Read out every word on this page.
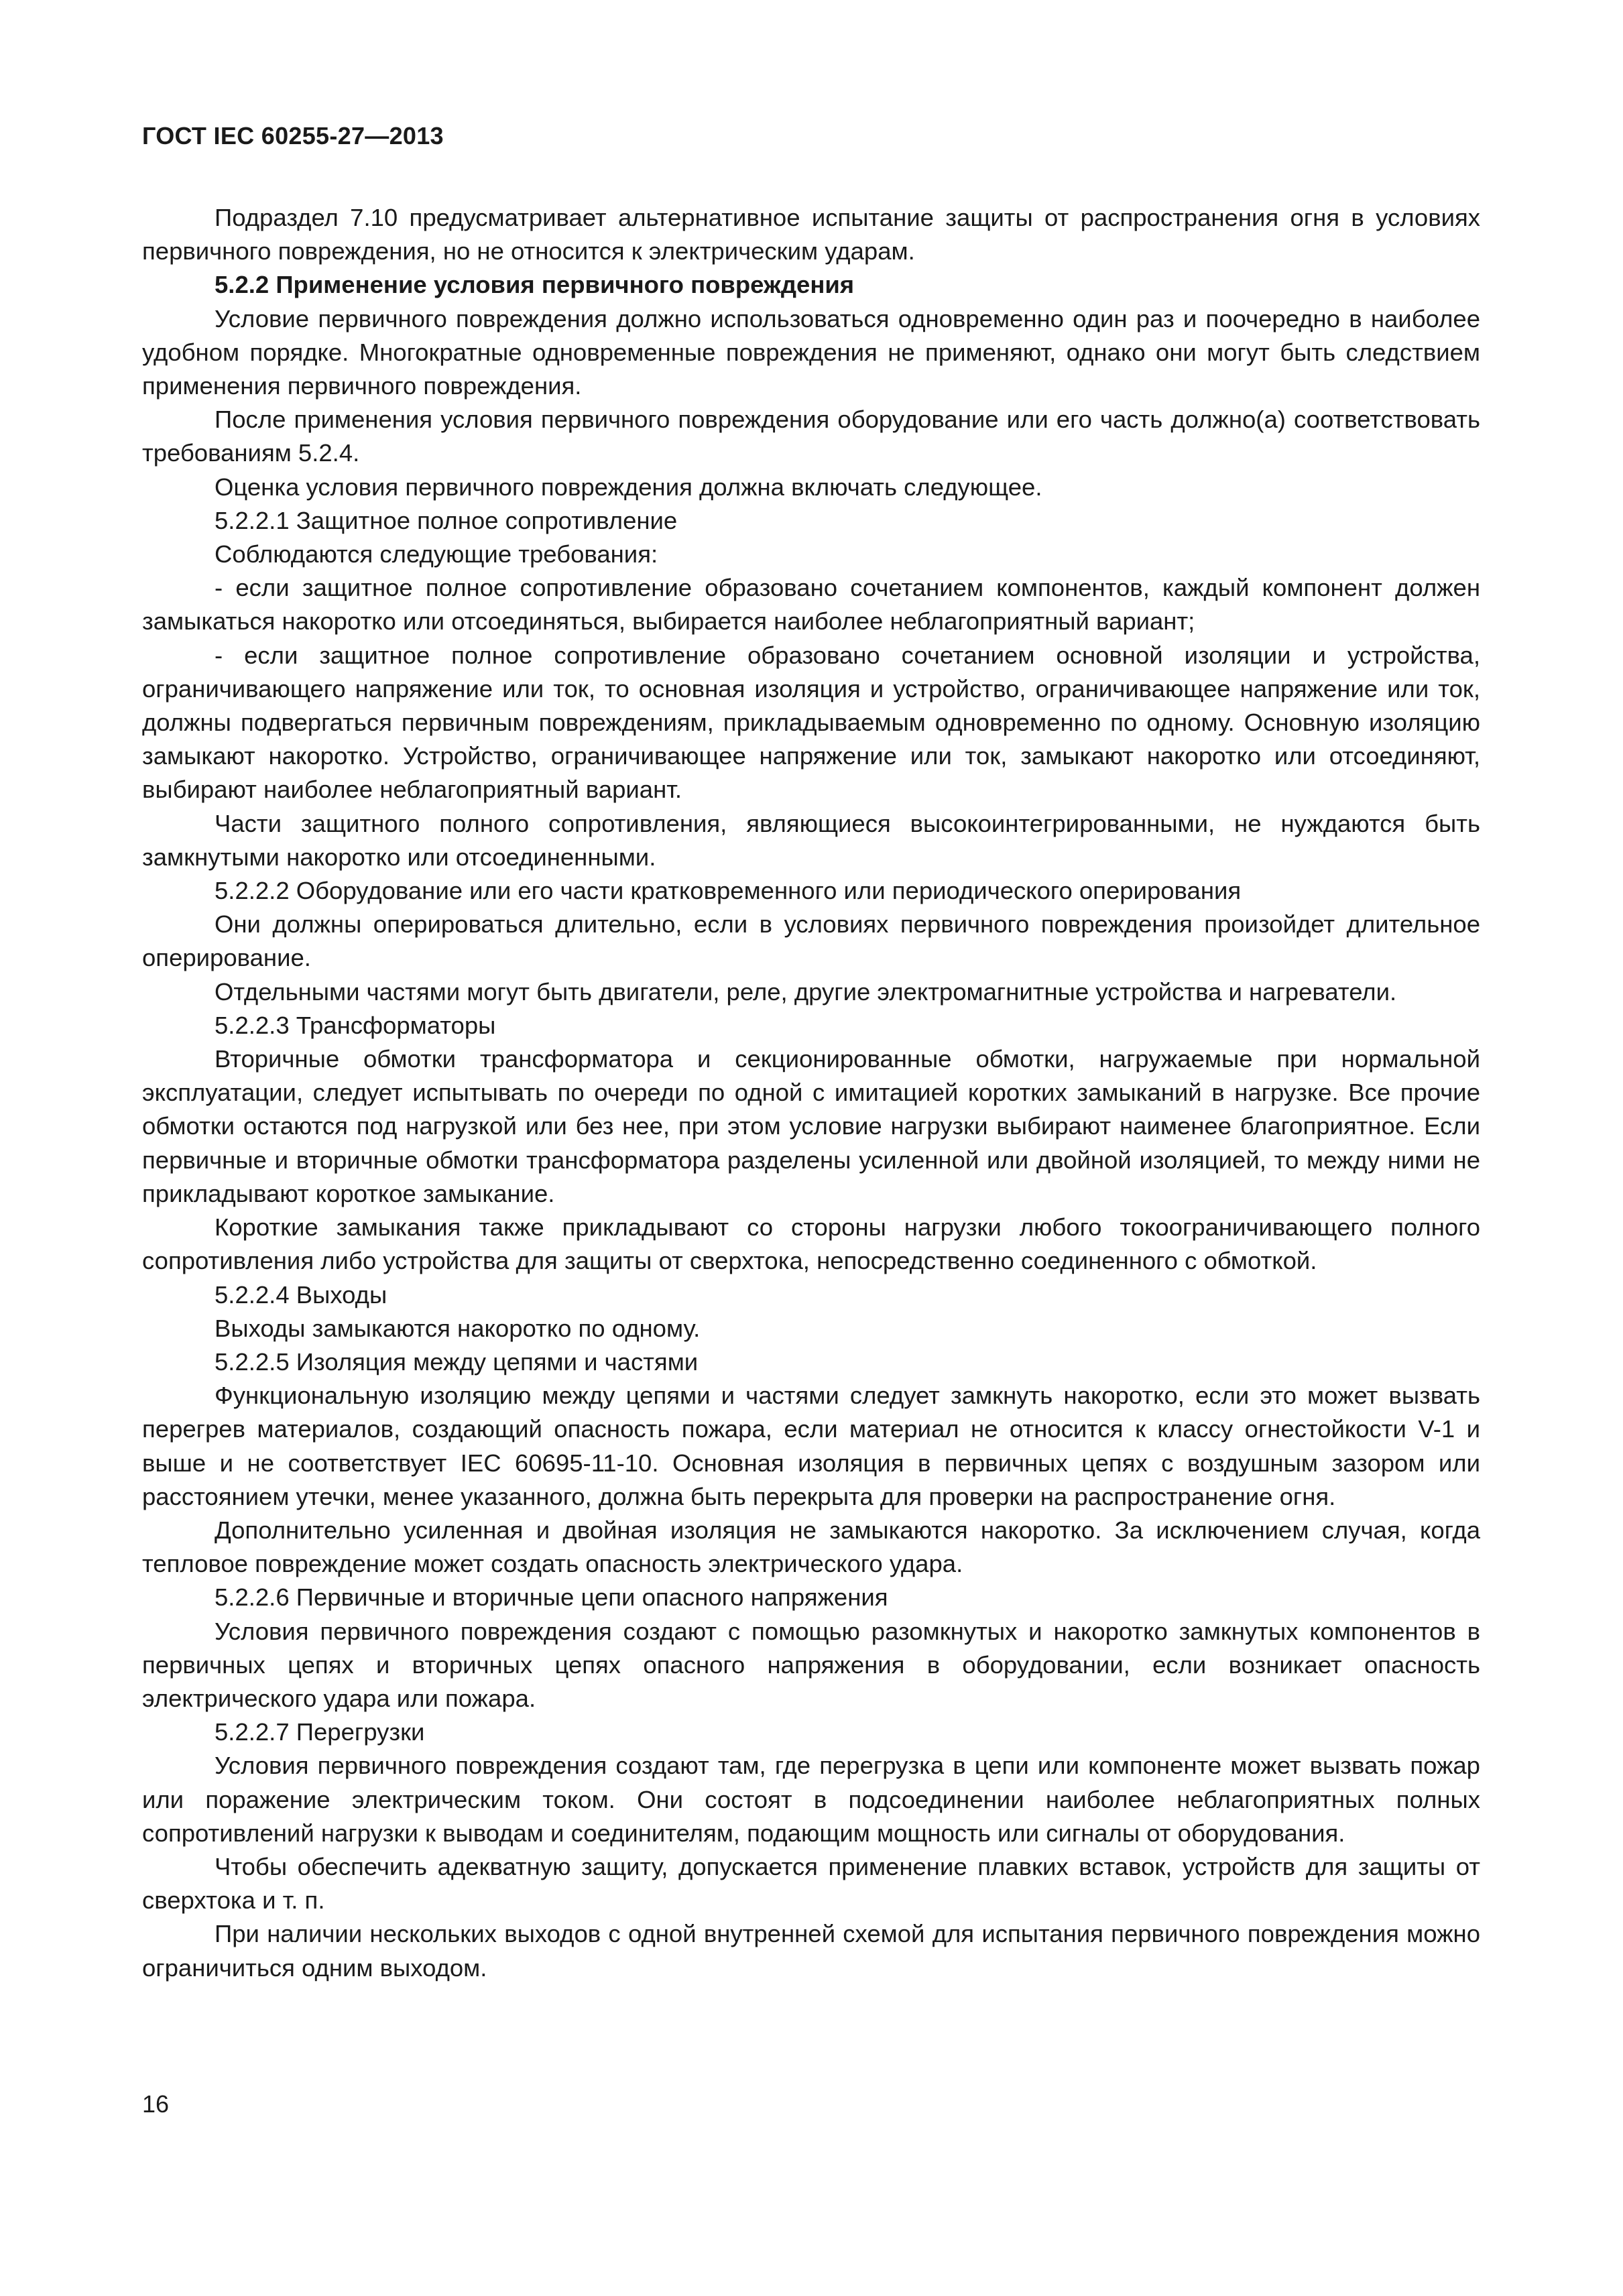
ГОСТ IEC 60255-27—2013

Подраздел 7.10 предусматривает альтернативное испытание защиты от распространения огня в условиях первичного повреждения, но не относится к электрическим ударам.

5.2.2 Применение условия первичного повреждения

Условие первичного повреждения должно использоваться одновременно один раз и поочередно в наиболее удобном порядке. Многократные одновременные повреждения не применяют, однако они могут быть следствием применения первичного повреждения.

После применения условия первичного повреждения оборудование или его часть должно(а) соответствовать требованиям 5.2.4.

Оценка условия первичного повреждения должна включать следующее.

5.2.2.1 Защитное полное сопротивление

Соблюдаются следующие требования:

- если защитное полное сопротивление образовано сочетанием компонентов, каждый компонент должен замыкаться накоротко или отсоединяться, выбирается наиболее неблагоприятный вариант;

- если защитное полное сопротивление образовано сочетанием основной изоляции и устройства, ограничивающего напряжение или ток, то основная изоляция и устройство, ограничивающее напряжение или ток, должны подвергаться первичным повреждениям, прикладываемым одновременно по одному. Основную изоляцию замыкают накоротко. Устройство, ограничивающее напряжение или ток, замыкают накоротко или отсоединяют, выбирают наиболее неблагоприятный вариант.

Части защитного полного сопротивления, являющиеся высокоинтегрированными, не нуждаются быть замкнутыми накоротко или отсоединенными.

5.2.2.2 Оборудование или его части кратковременного или периодического оперирования

Они должны оперироваться длительно, если в условиях первичного повреждения произойдет длительное оперирование.

Отдельными частями могут быть двигатели, реле, другие электромагнитные устройства и нагреватели.

5.2.2.3 Трансформаторы

Вторичные обмотки трансформатора и секционированные обмотки, нагружаемые при нормальной эксплуатации, следует испытывать по очереди по одной с имитацией коротких замыканий в нагрузке. Все прочие обмотки остаются под нагрузкой или без нее, при этом условие нагрузки выбирают наименее благоприятное. Если первичные и вторичные обмотки трансформатора разделены усиленной или двойной изоляцией, то между ними не прикладывают короткое замыкание.

Короткие замыкания также прикладывают со стороны нагрузки любого токоограничивающего полного сопротивления либо устройства для защиты от сверхтока, непосредственно соединенного с обмоткой.

5.2.2.4 Выходы

Выходы замыкаются накоротко по одному.

5.2.2.5 Изоляция между цепями и частями

Функциональную изоляцию между цепями и частями следует замкнуть накоротко, если это может вызвать перегрев материалов, создающий опасность пожара, если материал не относится к классу огнестойкости V-1 и выше и не соответствует IEC 60695-11-10. Основная изоляция в первичных цепях с воздушным зазором или расстоянием утечки, менее указанного, должна быть перекрыта для проверки на распространение огня.

Дополнительно усиленная и двойная изоляция не замыкаются накоротко. За исключением случая, когда тепловое повреждение может создать опасность электрического удара.

5.2.2.6 Первичные и вторичные цепи опасного напряжения

Условия первичного повреждения создают с помощью разомкнутых и накоротко замкнутых компонентов в первичных цепях и вторичных цепях опасного напряжения в оборудовании, если возникает опасность электрического удара или пожара.

5.2.2.7 Перегрузки

Условия первичного повреждения создают там, где перегрузка в цепи или компоненте может вызвать пожар или поражение электрическим током. Они состоят в подсоединении наиболее неблагоприятных полных сопротивлений нагрузки к выводам и соединителям, подающим мощность или сигналы от оборудования.

Чтобы обеспечить адекватную защиту, допускается применение плавких вставок, устройств для защиты от сверхтока и т. п.

При наличии нескольких выходов с одной внутренней схемой для испытания первичного повреждения можно ограничиться одним выходом.

16
